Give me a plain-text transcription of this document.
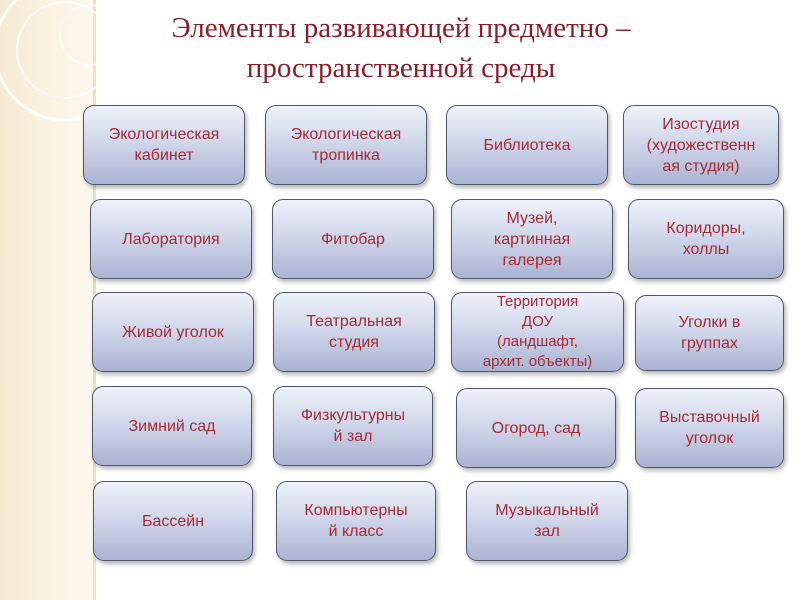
Элементы развивающей предметно –
пространственной среды
Экологическая
кабинет
Экологическая
тропинка
Библиотека
Изостудия
(художественн
ая студия)
Лаборатория	Фитобар
Музей,
картинная
галерея
Коридоры,
холлы
Живой уголок
Театральная
студия
Территория
ДОУ
(ландшафт,
архит. объекты)
Уголки в
группах
Зимний сад
Физкультурны
й зал	Огород, сад
Выставочный
уголок
Бассейн
Компьютерны
й класс
Музыкальный
зал
